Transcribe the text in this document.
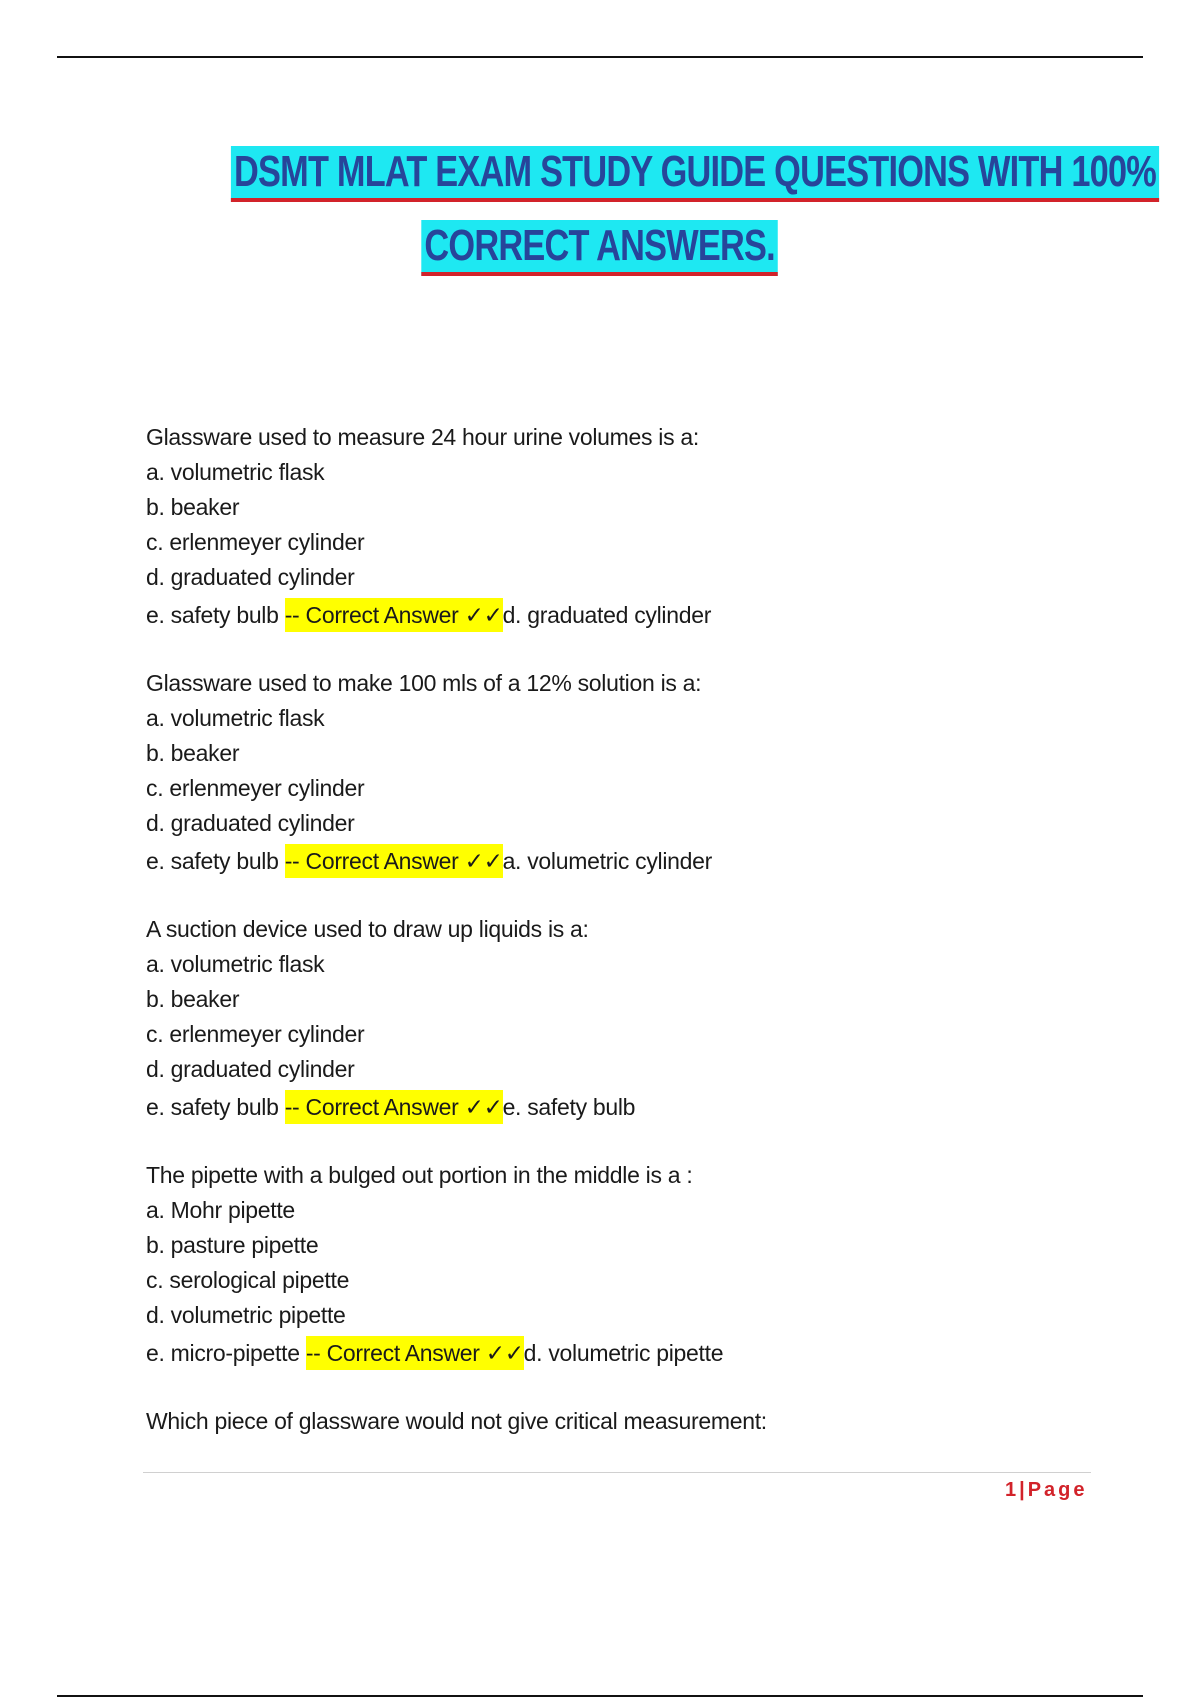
DSMT MLAT EXAM STUDY GUIDE QUESTIONS WITH 100%
CORRECT ANSWERS.
Glassware used to measure 24 hour urine volumes is a:
a. volumetric flask
b. beaker
c. erlenmeyer cylinder
d. graduated cylinder
e. safety bulb -- Correct Answer ✓✓d. graduated cylinder
Glassware used to make 100 mls of a 12% solution is a:
a. volumetric flask
b. beaker
c. erlenmeyer cylinder
d. graduated cylinder
e. safety bulb -- Correct Answer ✓✓a. volumetric cylinder
A suction device used to draw up liquids is a:
a. volumetric flask
b. beaker
c. erlenmeyer cylinder
d. graduated cylinder
e. safety bulb -- Correct Answer ✓✓e. safety bulb
The pipette with a bulged out portion in the middle is a :
a. Mohr pipette
b. pasture pipette
c. serological pipette
d. volumetric pipette
e. micro-pipette -- Correct Answer ✓✓d. volumetric pipette
Which piece of glassware would not give critical measurement:
1|Page
